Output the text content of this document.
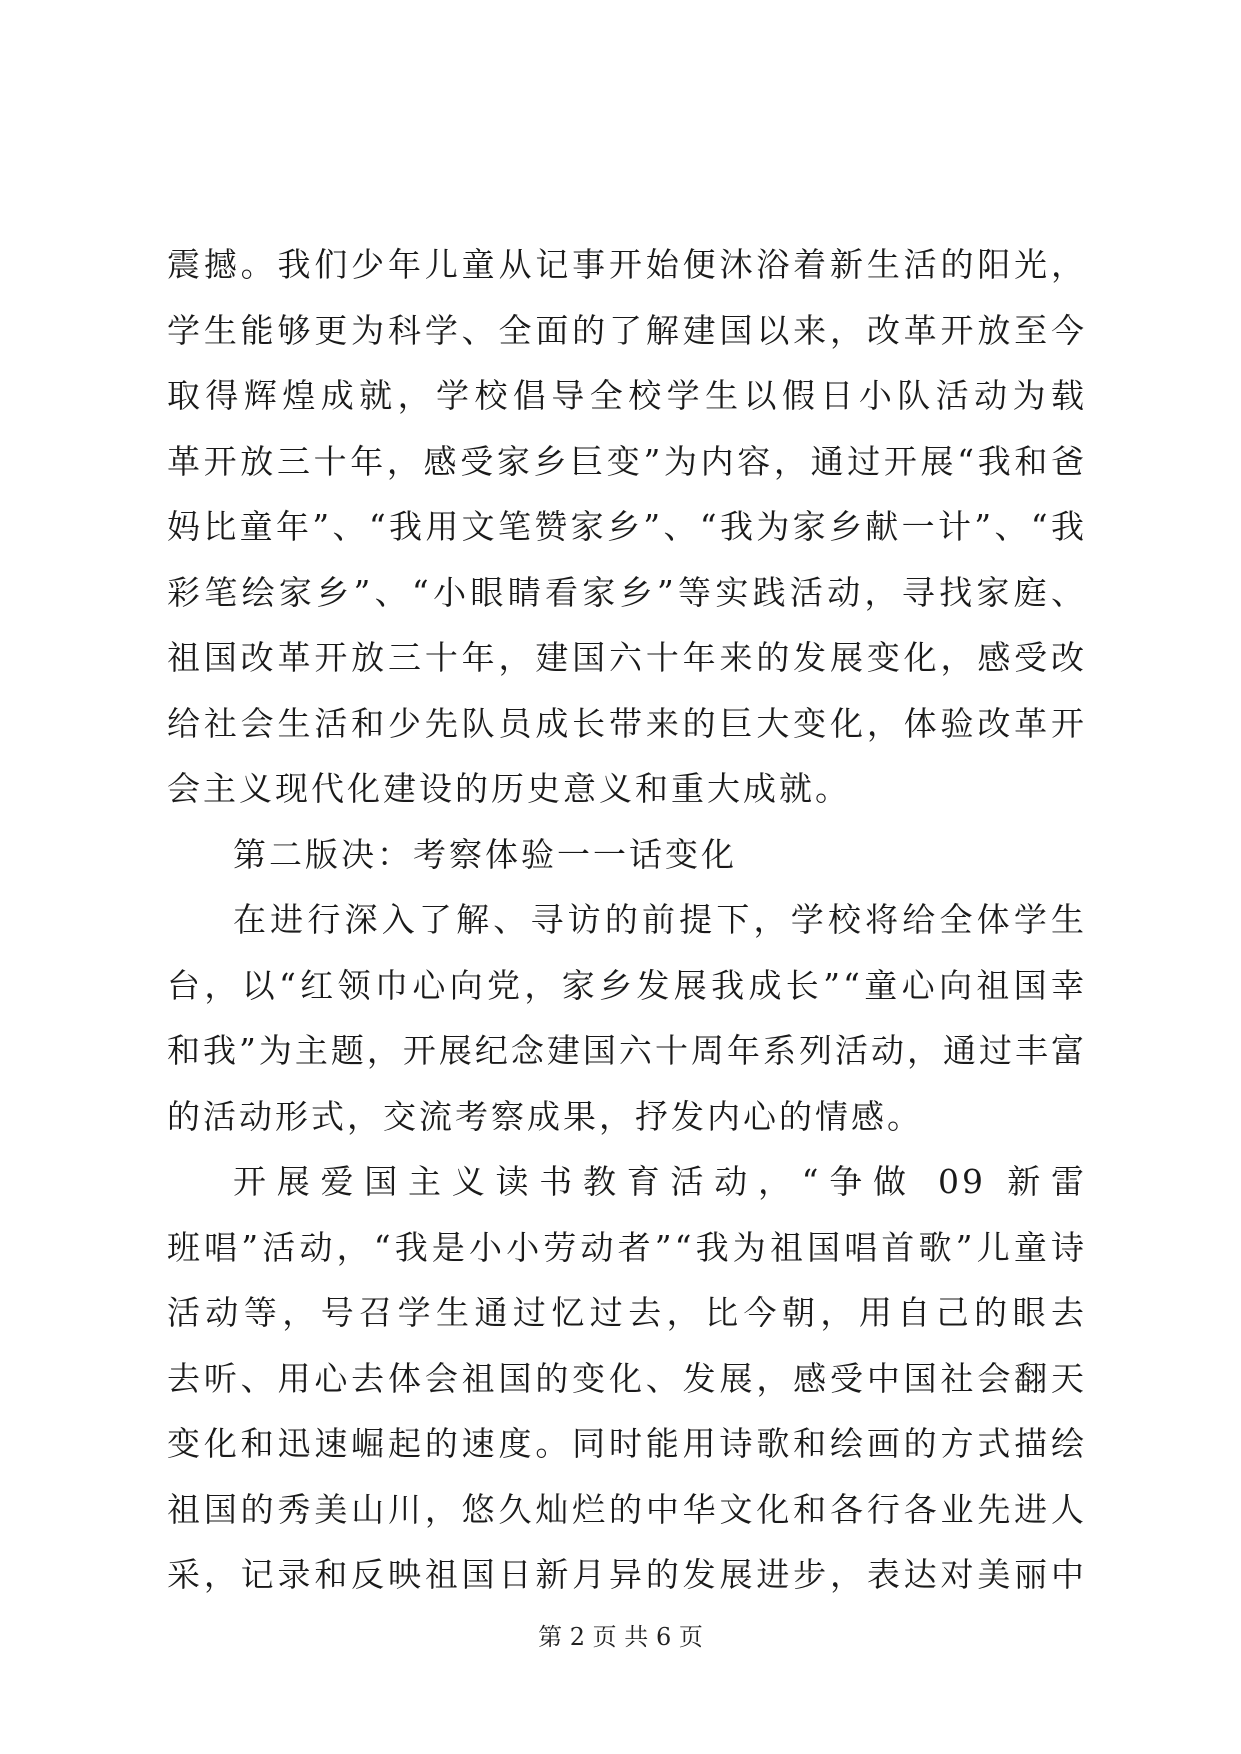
震撼。我们少年儿童从记事开始便沐浴着新生活的阳光，
学生能够更为科学、全面的了解建国以来，改革开放至今
取得辉煌成就，学校倡导全校学生以假日小队活动为载
革开放三十年，感受家乡巨变”为内容，通过开展“我和爸
妈比童年”、“我用文笔赞家乡”、“我为家乡献一计”、“我
彩笔绘家乡”、“小眼睛看家乡”等实践活动，寻找家庭、
祖国改革开放三十年，建国六十年来的发展变化，感受改
给社会生活和少先队员成长带来的巨大变化，体验改革开
会主义现代化建设的历史意义和重大成就。
第二版决：考察体验一一话变化
在进行深入了解、寻访的前提下，学校将给全体学生
台，以“红领巾心向党，家乡发展我成长”“童心向祖国幸
和我”为主题，开展纪念建国六十周年系列活动，通过丰富
的活动形式，交流考察成果，抒发内心的情感。
开展爱国主义读书教育活动，“争做 09 新雷
班唱”活动，“我是小小劳动者”“我为祖国唱首歌”儿童诗
活动等，号召学生通过忆过去，比今朝，用自己的眼去
去听、用心去体会祖国的变化、发展，感受中国社会翻天
变化和迅速崛起的速度。同时能用诗歌和绘画的方式描绘
祖国的秀美山川，悠久灿烂的中华文化和各行各业先进人
采，记录和反映祖国日新月异的发展进步，表达对美丽中
第 2 页 共 6 页
